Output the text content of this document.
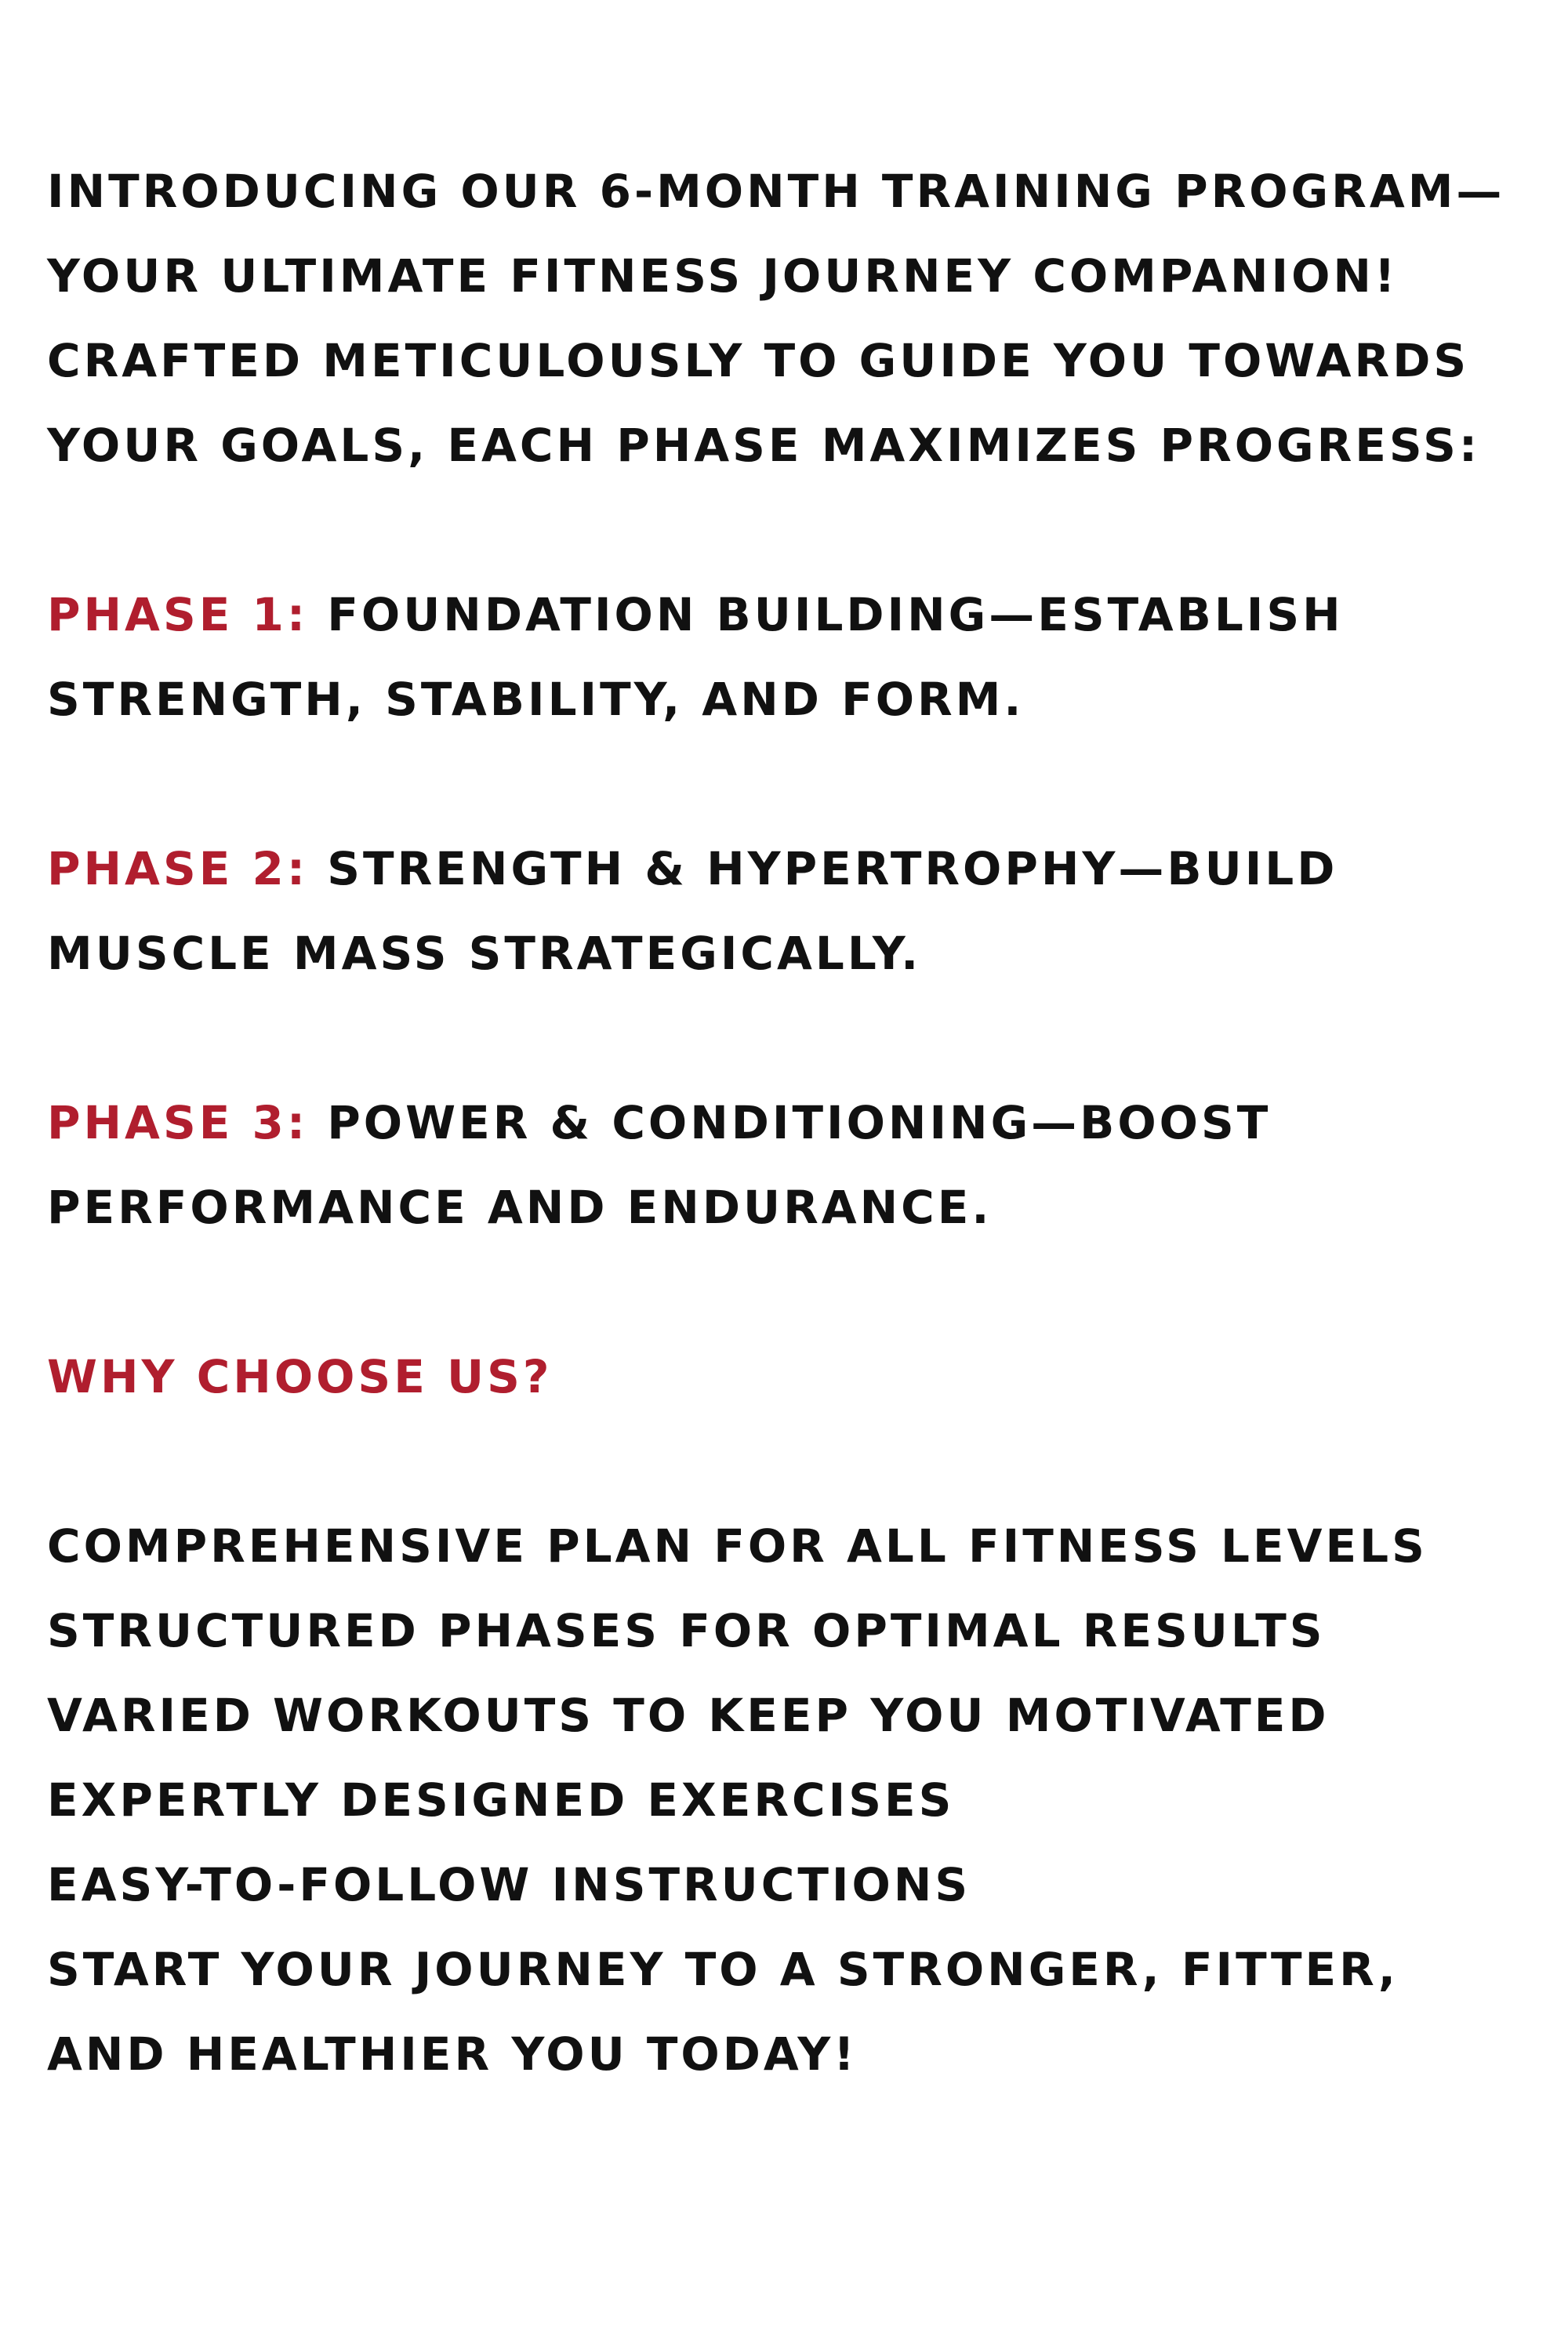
INTRODUCING OUR 6-MONTH TRAINING PROGRAM—YOUR ULTIMATE FITNESS JOURNEY COMPANION! CRAFTED METICULOUSLY TO GUIDE YOU TOWARDS YOUR GOALS, EACH PHASE MAXIMIZES PROGRESS:

PHASE 1: FOUNDATION BUILDING—ESTABLISH STRENGTH, STABILITY, AND FORM.

PHASE 2: STRENGTH & HYPERTROPHY—BUILD MUSCLE MASS STRATEGICALLY.

PHASE 3: POWER & CONDITIONING—BOOST PERFORMANCE AND ENDURANCE.

WHY CHOOSE US?

COMPREHENSIVE PLAN FOR ALL FITNESS LEVELS
STRUCTURED PHASES FOR OPTIMAL RESULTS
VARIED WORKOUTS TO KEEP YOU MOTIVATED
EXPERTLY DESIGNED EXERCISES
EASY-TO-FOLLOW INSTRUCTIONS

START YOUR JOURNEY TO A STRONGER, FITTER, AND HEALTHIER YOU TODAY!
